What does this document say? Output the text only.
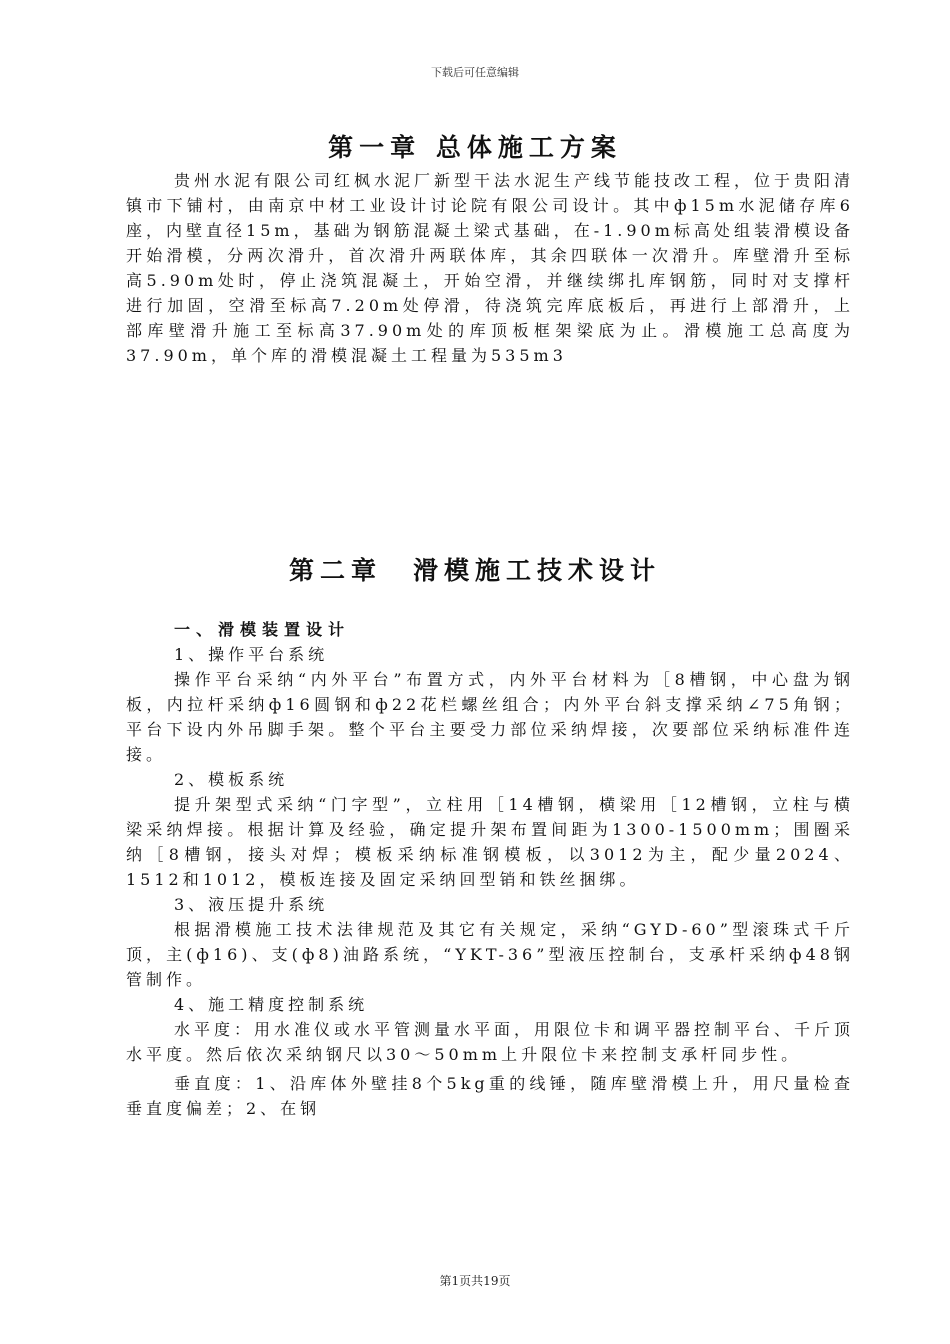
下载后可任意编辑
第一章 总体施工方案

贵州水泥有限公司红枫水泥厂新型干法水泥生产线节能技改工程，位于贵阳清镇市下铺村，由南京中材工业设计讨论院有限公司设计。其中ф15m水泥储存库6座，内壁直径15m，基础为钢筋混凝土梁式基础，在-1.90m标高处组装滑模设备开始滑模，分两次滑升，首次滑升两联体库，其余四联体一次滑升。库壁滑升至标高5.90m处时，停止浇筑混凝土，开始空滑，并继续绑扎库钢筋，同时对支撑杆进行加固，空滑至标高7.20m处停滑，待浇筑完库底板后，再进行上部滑升，上部库壁滑升施工至标高37.90m处的库顶板框架梁底为止。滑模施工总高度为37.90m，单个库的滑模混凝土工程量为535m3

第二章　滑模施工技术设计
一、滑模装置设计
1、操作平台系统
操作平台采纳“内外平台”布置方式，内外平台材料为［8槽钢，中心盘为钢板，内拉杆采纳ф16圆钢和ф22花栏螺丝组合；内外平台斜支撑采纳∠75角钢；平台下设内外吊脚手架。整个平台主要受力部位采纳焊接，次要部位采纳标准件连接。
2、模板系统
提升架型式采纳“门字型”，立柱用［14槽钢，横梁用［12槽钢，立柱与横梁采纳焊接。根据计算及经验，确定提升架布置间距为1300-1500mm；围圈采纳［8槽钢，接头对焊；模板采纳标准钢模板，以3012为主，配少量2024、1512和1012，模板连接及固定采纳回型销和铁丝捆绑。
3、液压提升系统
根据滑模施工技术法律规范及其它有关规定，采纳“GYD-60”型滚珠式千斤顶，主(ф16)、支(ф8)油路系统，“YKT-36”型液压控制台，支承杆采纳ф48钢管制作。
4、施工精度控制系统
水平度：用水准仪或水平管测量水平面，用限位卡和调平器控制平台、千斤顶水平度。然后依次采纳钢尺以30～50mm上升限位卡来控制支承杆同步性。
垂直度：1、沿库体外壁挂8个5kg重的线锤，随库壁滑模上升，用尺量检查垂直度偏差；2、在钢
第1页共19页
